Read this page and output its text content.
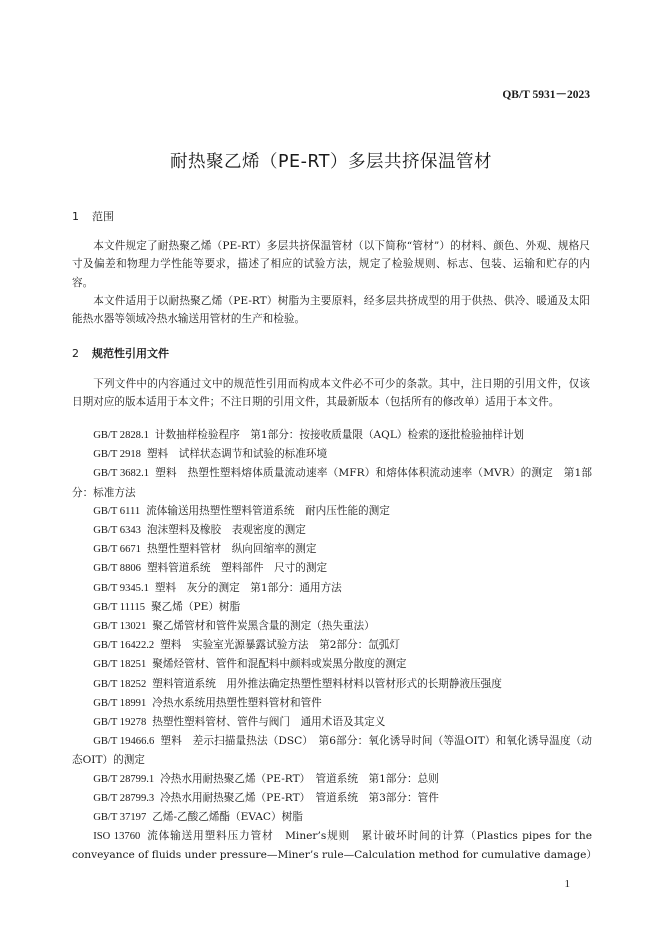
QB/T 5931－2023
耐热聚乙烯（PE-RT）多层共挤保温管材
1 范围

本文件规定了耐热聚乙烯（PE-RT）多层共挤保温管材（以下简称“管材”）的材料、颜色、外观、规格尺寸及偏差和物理力学性能等要求，描述了相应的试验方法，规定了检验规则、标志、包装、运输和贮存的内容。

本文件适用于以耐热聚乙烯（PE-RT）树脂为主要原料，经多层共挤成型的用于供热、供冷、暖通及太阳能热水器等领域冷热水输送用管材的生产和检验。

2 规范性引用文件

下列文件中的内容通过文中的规范性引用而构成本文件必不可少的条款。其中，注日期的引用文件，仅该日期对应的版本适用于本文件；不注日期的引用文件，其最新版本（包括所有的修改单）适用于本文件。

GB/T 2828.1 计数抽样检验程序　第1部分：按接收质量限（AQL）检索的逐批检验抽样计划

GB/T 2918 塑料　试样状态调节和试验的标准环境

GB/T 3682.1 塑料　热塑性塑料熔体质量流动速率（MFR）和熔体体积流动速率（MVR）的测定　第1部分：标准方法

GB/T 6111 流体输送用热塑性塑料管道系统　耐内压性能的测定

GB/T 6343 泡沫塑料及橡胶　表观密度的测定

GB/T 6671 热塑性塑料管材　纵向回缩率的测定

GB/T 8806 塑料管道系统　塑料部件　尺寸的测定

GB/T 9345.1 塑料　灰分的测定　第1部分：通用方法

GB/T 11115 聚乙烯（PE）树脂

GB/T 13021 聚乙烯管材和管件炭黑含量的测定（热失重法）

GB/T 16422.2 塑料　实验室光源暴露试验方法　第2部分：氙弧灯

GB/T 18251 聚烯烃管材、管件和混配料中颜料或炭黑分散度的测定

GB/T 18252 塑料管道系统　用外推法确定热塑性塑料材料以管材形式的长期静液压强度

GB/T 18991 冷热水系统用热塑性塑料管材和管件

GB/T 19278 热塑性塑料管材、管件与阀门　通用术语及其定义

GB/T 19466.6 塑料　差示扫描量热法（DSC）　第6部分：氧化诱导时间（等温OIT）和氧化诱导温度（动态OIT）的测定

GB/T 28799.1 冷热水用耐热聚乙烯（PE-RT）　管道系统　第1部分：总则

GB/T 28799.3 冷热水用耐热聚乙烯（PE-RT）　管道系统　第3部分：管件

GB/T 37197 乙烯-乙酸乙烯酯（EVAC）树脂

ISO 13760 流体输送用塑料压力管材　Miner’s规则　累计破坏时间的计算（Plastics pipes for the conveyance of fluids under pressure—Miner’s rule—Calculation method for cumulative damage）

1
